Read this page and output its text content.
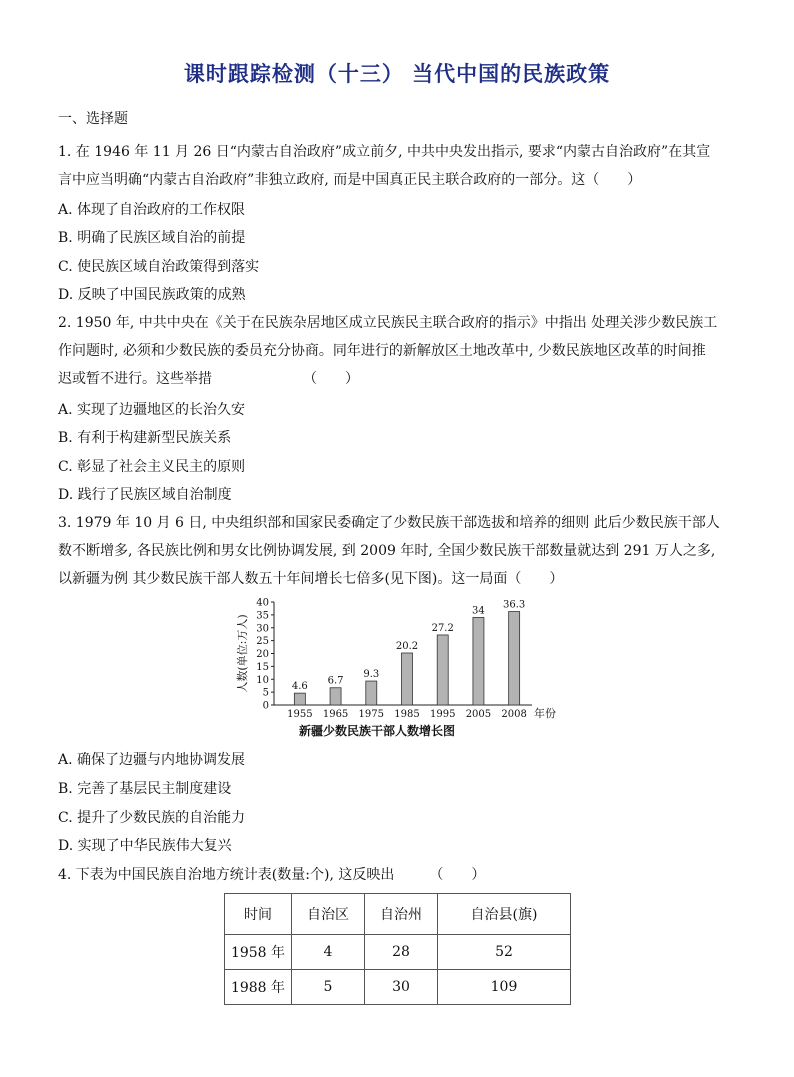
课时跟踪检测（十三） 当代中国的民族政策
一、选择题
1. 在 1946 年 11 月 26 日“内蒙古自治政府”成立前夕, 中共中央发出指示, 要求“内蒙古自治政府”在其宣
言中应当明确“内蒙古自治政府”非独立政府, 而是中国真正民主联合政府的一部分。这（　　）
A. 体现了自治政府的工作权限
B. 明确了民族区域自治的前提
C. 使民族区域自治政策得到落实
D. 反映了中国民族政策的成熟
2. 1950 年, 中共中央在《关于在民族杂居地区成立民族民主联合政府的指示》中指出 处理关涉少数民族工
作问题时, 必须和少数民族的委员充分协商。同年进行的新解放区土地改革中, 少数民族地区改革的时间推
迟或暂不进行。这些举措　　　　　　　（　　）
A. 实现了边疆地区的长治久安
B. 有利于构建新型民族关系
C. 彰显了社会主义民主的原则
D. 践行了民族区域自治制度
3. 1979 年 10 月 6 日, 中央组织部和国家民委确定了少数民族干部选拔和培养的细则 此后少数民族干部人
数不断增多, 各民族比例和男女比例协调发展, 到 2009 年时, 全国少数民族干部数量就达到 291 万人之多,
以新疆为例 其少数民族干部人数五十年间增长七倍多(见下图)。这一局面（　　）
0
5
10
15
20
25
30
35
40
人数(单位:万人)	4.6
1955
6.7
1965
9.3
1975
20.2
1985
27.2
1995
34
2005
36.3
2008 年份
新疆少数民族干部人数增长图
A. 确保了边疆与内地协调发展
B. 完善了基层民主制度建设
C. 提升了少数民族的自治能力
D. 实现了中华民族伟大复兴
4. 下表为中国民族自治地方统计表(数量:个), 这反映出　　　（　　）
时间	自治区	自治州	自治县(旗)
1958 年	4	28	52
1988 年	5	30	109
